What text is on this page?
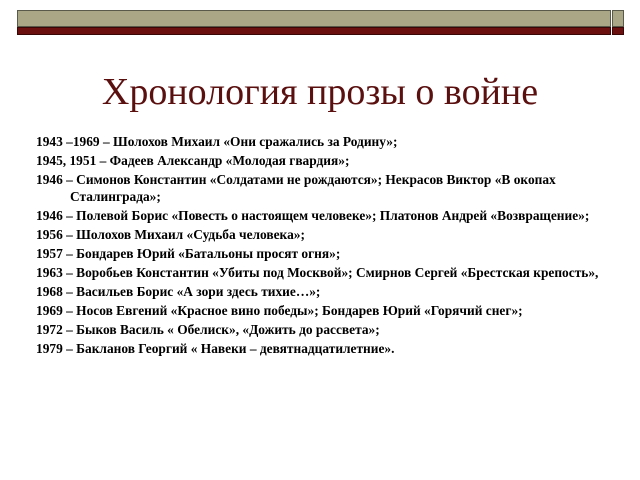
Хронология прозы о войне
1943 –1969 – Шолохов Михаил «Они сражались за Родину»;
1945, 1951 – Фадеев Александр «Молодая гвардия»;
1946 – Симонов Константин «Солдатами не рождаются»; Некрасов Виктор «В окопах Сталинграда»;
1946 – Полевой Борис «Повесть о настоящем человеке»; Платонов Андрей «Возвращение»;
1956 – Шолохов Михаил «Судьба человека»;
1957 – Бондарев Юрий «Батальоны просят огня»;
1963 – Воробьев Константин «Убиты под Москвой»; Смирнов Сергей «Брестская крепость»,
1968 – Васильев Борис «А зори здесь тихие…»;
1969 – Носов Евгений «Красное вино победы»; Бондарев Юрий «Горячий снег»;
1972 – Быков Василь « Обелиск», «Дожить до рассвета»;
1979 – Бакланов Георгий « Навеки – девятнадцатилетние».
